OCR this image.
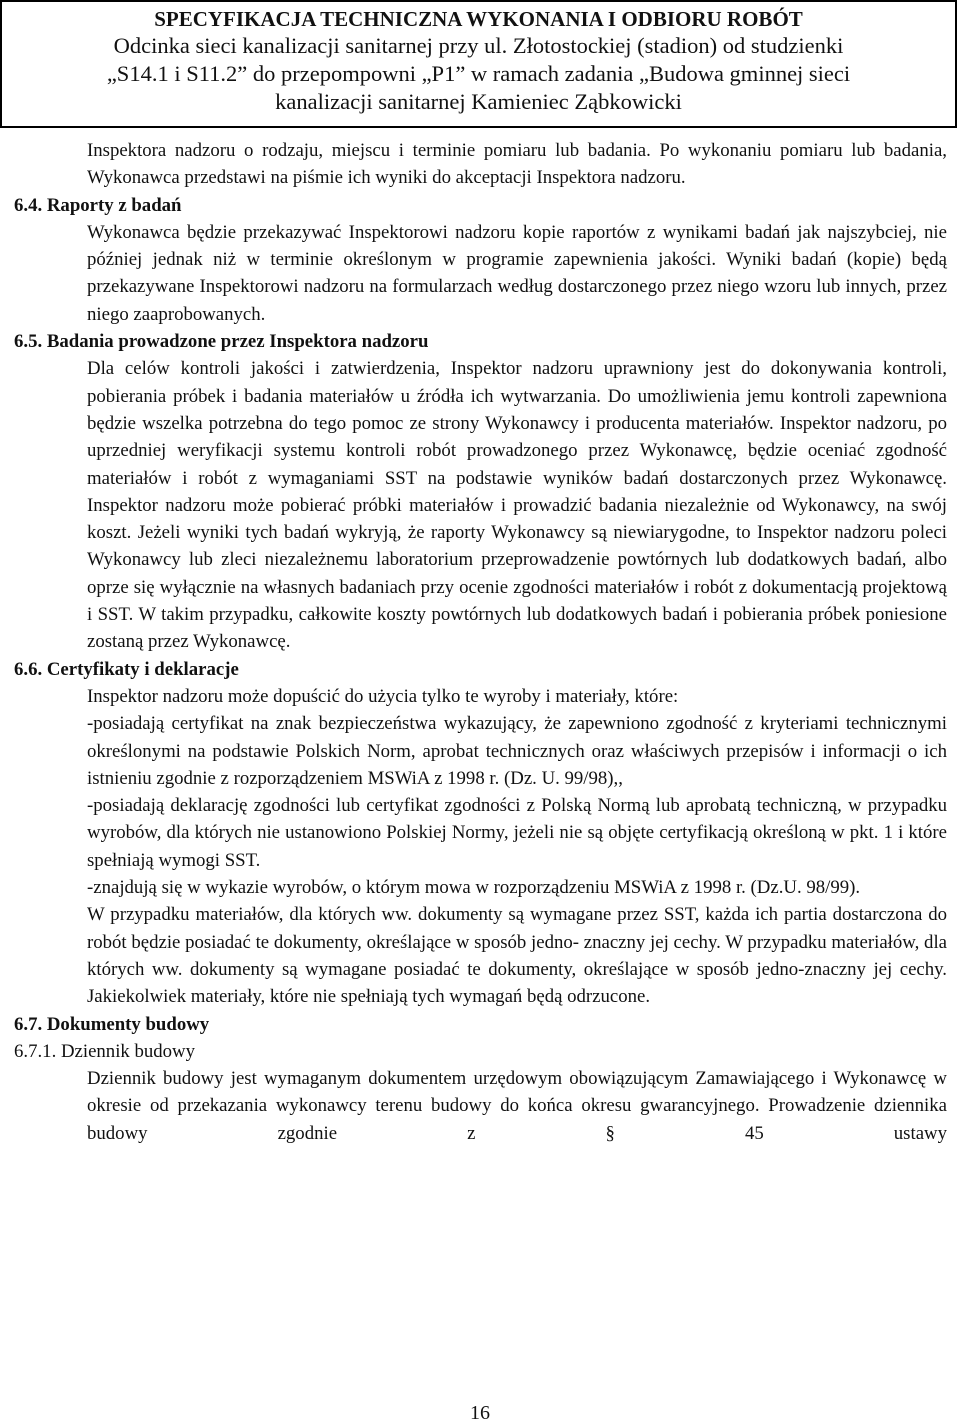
SPECYFIKACJA TECHNICZNA WYKONANIA I ODBIORU ROBÓT
Odcinka sieci kanalizacji sanitarnej przy ul. Złotostockiej (stadion) od studzienki
„S14.1 i S11.2” do przepompowni „P1” w ramach zadania „Budowa gminnej sieci
kanalizacji sanitarnej Kamieniec Ząbkowicki

Inspektora nadzoru o rodzaju, miejscu i terminie pomiaru lub badania. Po wykonaniu pomiaru lub badania, Wykonawca przedstawi na piśmie ich wyniki do akceptacji Inspektora nadzoru.

6.4. Raporty z badań

Wykonawca będzie przekazywać Inspektorowi nadzoru kopie raportów z wynikami badań jak najszybciej, nie później jednak niż w terminie określonym w programie zapewnienia jakości. Wyniki badań (kopie) będą przekazywane Inspektorowi nadzoru na formularzach według dostarczonego przez niego wzoru lub innych, przez niego zaaprobowanych.

6.5. Badania prowadzone przez Inspektora nadzoru

Dla celów kontroli jakości i zatwierdzenia, Inspektor nadzoru uprawniony jest do dokonywania kontroli, pobierania próbek i badania materiałów u źródła ich wytwarzania. Do umożliwienia jemu kontroli zapewniona będzie wszelka potrzebna do tego pomoc ze strony Wykonawcy i producenta materiałów. Inspektor nadzoru, po uprzedniej weryfikacji systemu kontroli robót prowadzonego przez Wykonawcę, będzie oceniać zgodność materiałów i robót z wymaganiami SST na podstawie wyników badań dostarczonych przez Wykonawcę. Inspektor nadzoru może pobierać próbki materiałów i prowadzić badania niezależnie od Wykonawcy, na swój koszt. Jeżeli wyniki tych badań wykryją, że raporty Wykonawcy są niewiarygodne, to Inspektor nadzoru poleci Wykonawcy lub zleci niezależnemu laboratorium przeprowadzenie powtórnych lub dodatkowych badań, albo oprze się wyłącznie na własnych badaniach przy ocenie zgodności materiałów i robót z dokumentacją projektową i SST. W takim przypadku, całkowite koszty powtórnych lub dodatkowych badań i pobierania próbek poniesione zostaną przez Wykonawcę.

6.6. Certyfikaty i deklaracje

Inspektor nadzoru może dopuścić do użycia tylko te wyroby i materiały, które:

-posiadają certyfikat na znak bezpieczeństwa wykazujący, że zapewniono zgodność z kryteriami technicznymi określonymi na podstawie Polskich Norm, aprobat technicznych oraz właściwych przepisów i informacji o ich istnieniu zgodnie z rozporządzeniem MSWiA z 1998 r. (Dz. U. 99/98),,

-posiadają deklarację zgodności lub certyfikat zgodności z Polską Normą lub aprobatą techniczną, w przypadku wyrobów, dla których nie ustanowiono Polskiej Normy, jeżeli nie są objęte certyfikacją określoną w pkt. 1 i które spełniają wymogi SST.

-znajdują się w wykazie wyrobów, o którym mowa w rozporządzeniu MSWiA z 1998 r. (Dz.U. 98/99).

W przypadku materiałów, dla których ww. dokumenty są wymagane przez SST, każda ich partia dostarczona do robót będzie posiadać te dokumenty, określające w sposób jedno- znaczny jej cechy. W przypadku materiałów, dla których ww. dokumenty są wymagane posiadać te dokumenty, określające w sposób jedno-znaczny jej cechy. Jakiekolwiek materiały, które nie spełniają tych wymagań będą odrzucone.

6.7. Dokumenty budowy

6.7.1. Dziennik budowy

Dziennik budowy jest wymaganym dokumentem urzędowym obowiązującym Zamawiającego i Wykonawcę w okresie od przekazania wykonawcy terenu budowy do końca okresu gwarancyjnego. Prowadzenie dziennika budowy zgodnie z § 45 ustawy

16
